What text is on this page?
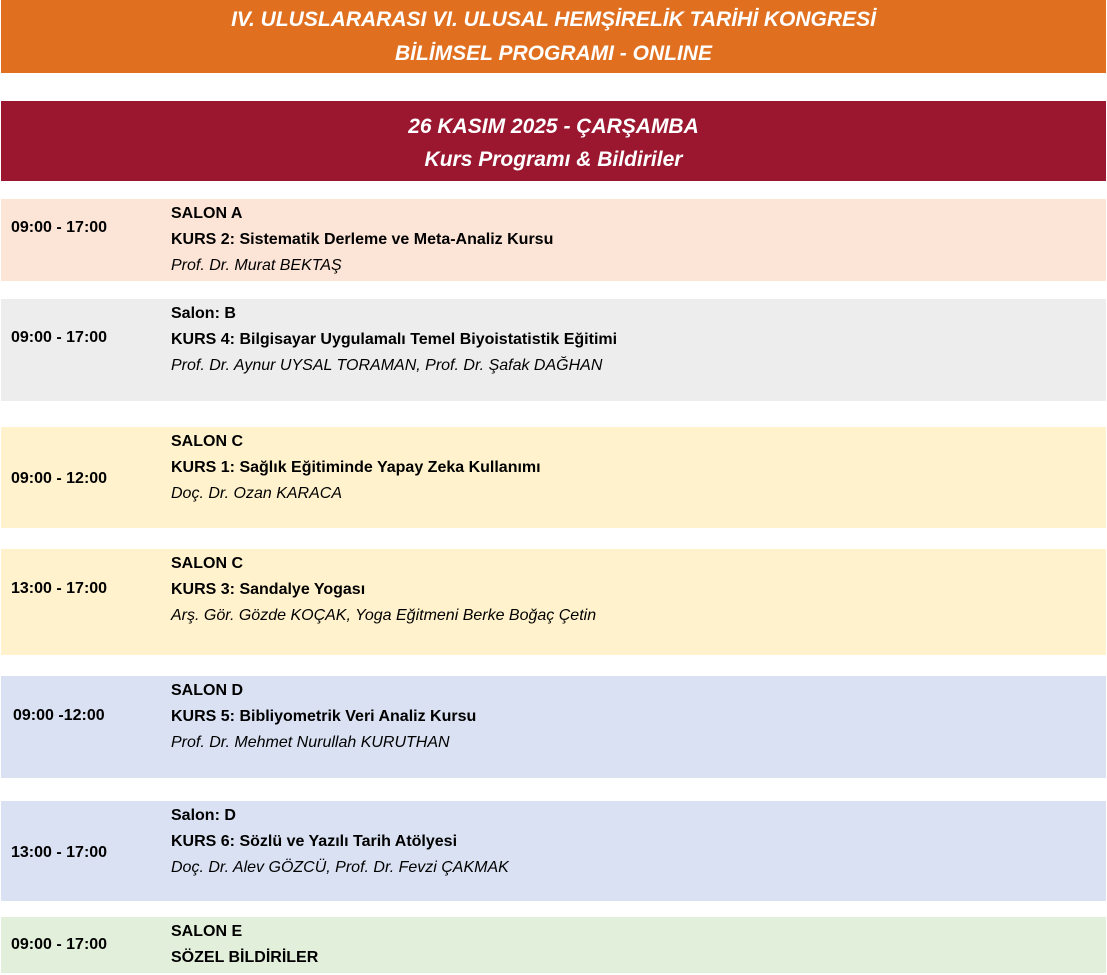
IV. ULUSLARARASI VI. ULUSAL HEMŞİRELİK TARİHİ KONGRESİ
BİLİMSEL PROGRAMI - ONLINE
26 KASIM 2025 - ÇARŞAMBA
Kurs Programı & Bildiriler
09:00 - 17:00
SALON A
KURS 2: Sistematik Derleme ve Meta-Analiz Kursu
Prof. Dr. Murat BEKTAŞ
09:00 - 17:00
Salon: B
KURS 4: Bilgisayar Uygulamalı Temel Biyoistatistik Eğitimi
Prof. Dr. Aynur UYSAL TORAMAN, Prof. Dr. Şafak DAĞHAN
09:00 - 12:00
SALON C
KURS 1: Sağlık Eğitiminde Yapay Zeka Kullanımı
Doç. Dr. Ozan KARACA
13:00 - 17:00
SALON C
KURS 3: Sandalye Yogası
Arş. Gör. Gözde KOÇAK, Yoga Eğitmeni Berke Boğaç Çetin
09:00 -12:00
SALON D
KURS 5: Bibliyometrik Veri Analiz Kursu
Prof. Dr. Mehmet Nurullah KURUTHAN
13:00 - 17:00
Salon: D
KURS 6: Sözlü ve Yazılı Tarih Atölyesi
Doç. Dr. Alev GÖZCÜ, Prof. Dr. Fevzi ÇAKMAK
09:00 - 17:00
SALON E
SÖZEL BİLDİRİLER
